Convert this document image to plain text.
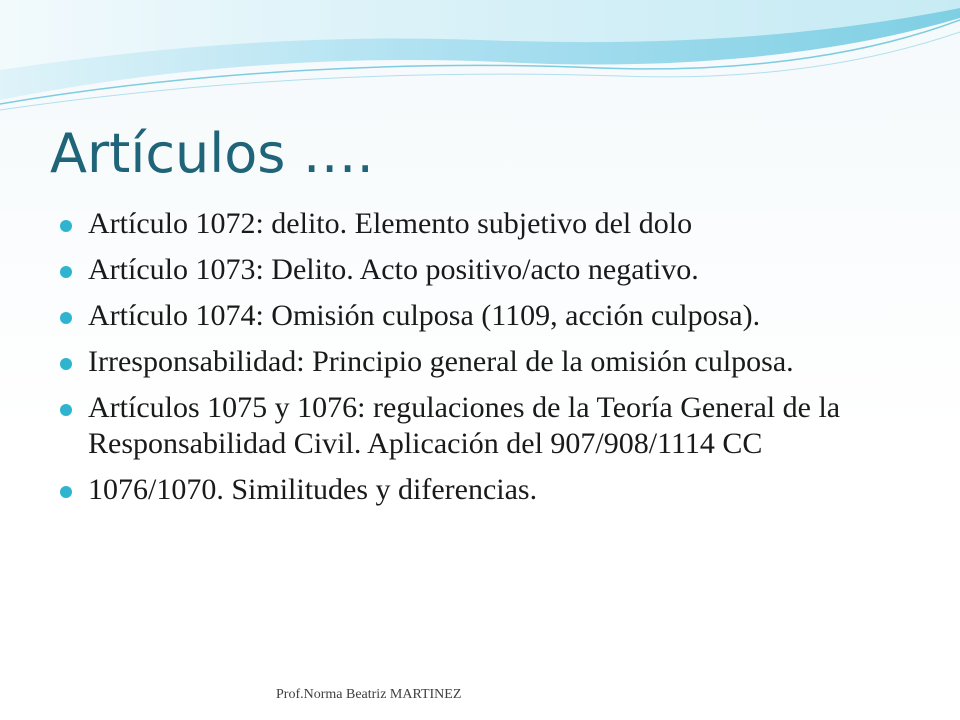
Artículos ….
Artículo 1072: delito. Elemento subjetivo del dolo
Artículo 1073: Delito. Acto positivo/acto negativo.
Artículo 1074: Omisión culposa (1109, acción culposa).
Irresponsabilidad: Principio general de la omisión culposa.
Artículos 1075 y 1076: regulaciones de la Teoría General de la Responsabilidad Civil. Aplicación del 907/908/1114 CC
1076/1070. Similitudes y diferencias.
Prof.Norma Beatriz MARTINEZ
